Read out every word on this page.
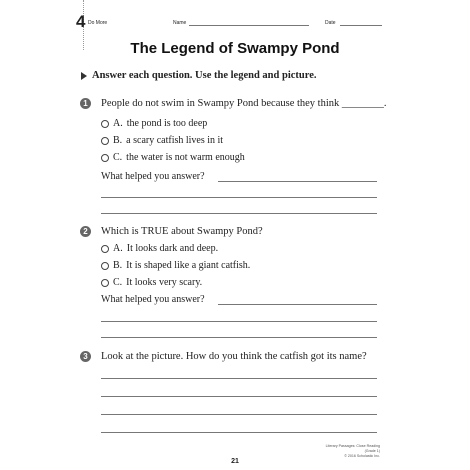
4 Do More	Name	Date
The Legend of Swampy Pond
Answer each question. Use the legend and picture.
1	People do not swim in Swampy Pond because they think ________.
A. the pond is too deep
B. a scary catfish lives in it
C. the water is not warm enough
What helped you answer?
2	Which is TRUE about Swampy Pond?
A. It looks dark and deep.
B. It is shaped like a giant catfish.
C. It looks very scary.
What helped you answer?
3	Look at the picture. How do you think the catfish got its name?
Literary Passages: Close Reading (Grade 1)
© 2016 Scholastic Inc.
21
